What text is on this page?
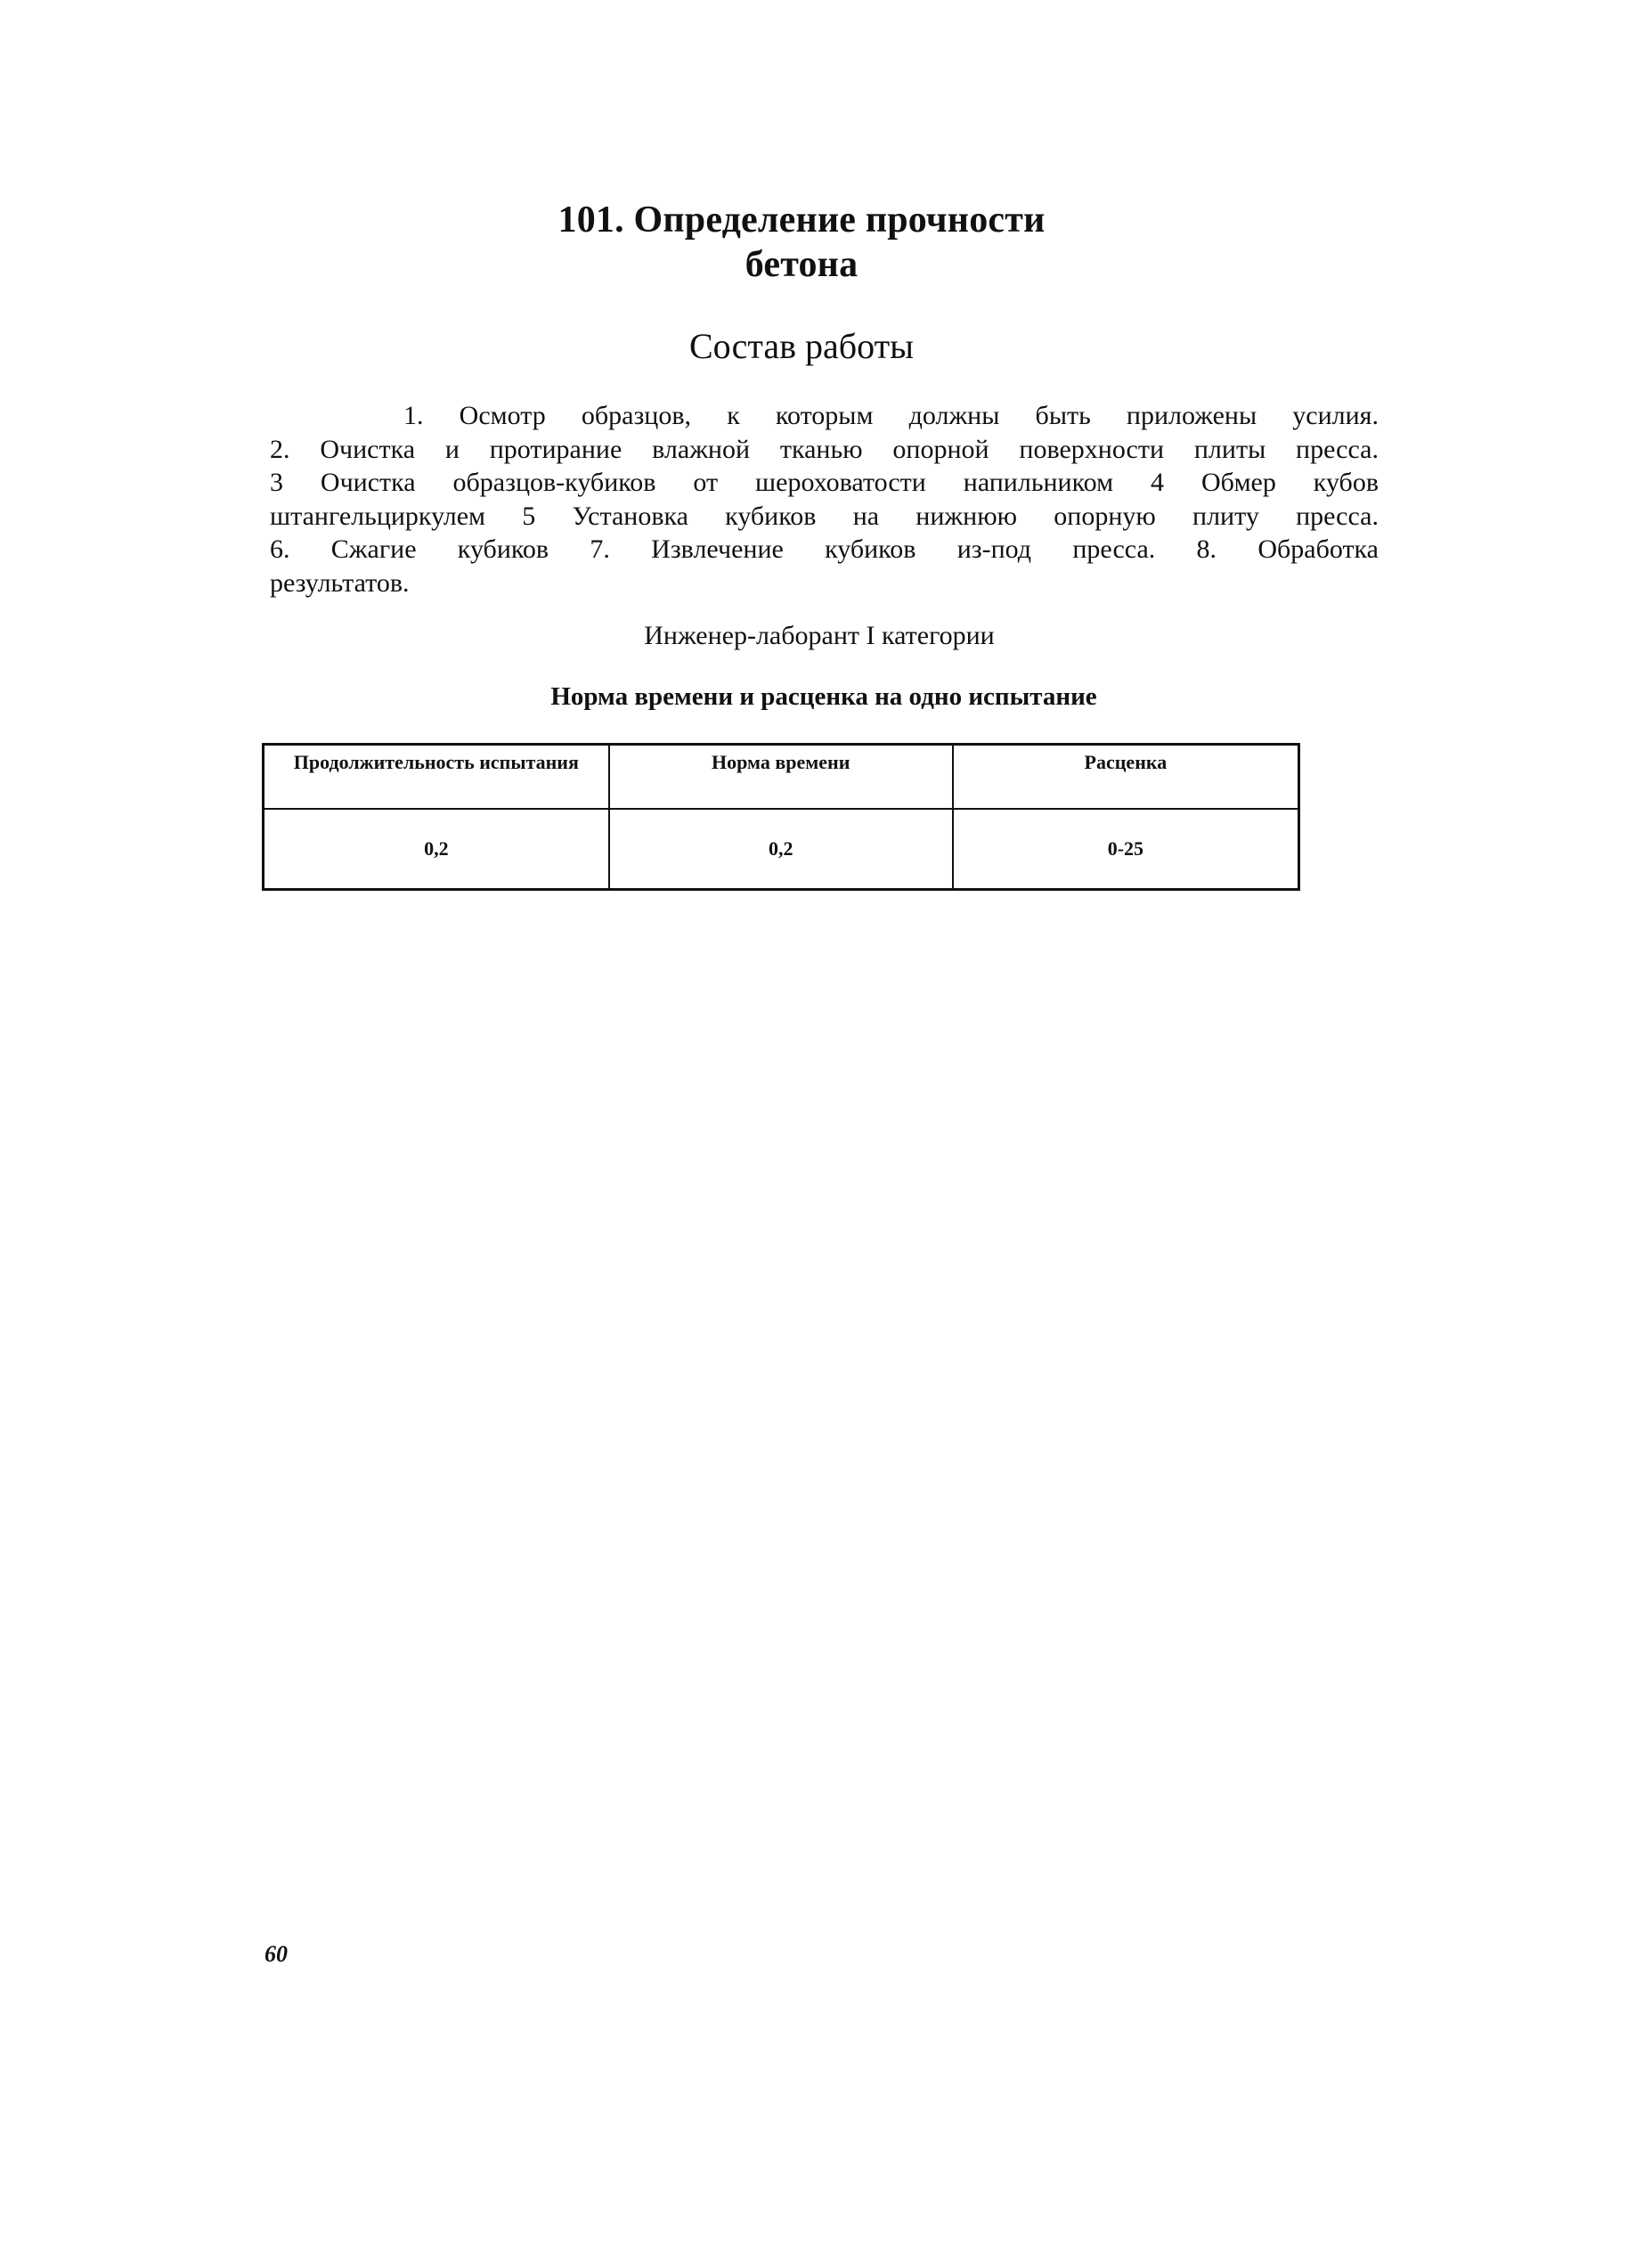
101. Определение прочности
бетона
Состав работы
1. Осмотр образцов, к которым должны быть приложены усилия.
2. Очистка и протирание влажной тканью опорной поверхности плиты пресса.
3 Очистка образцов-кубиков от шероховатости напильником 4 Обмер кубов
штангельциркулем 5 Установка кубиков на нижнюю опорную плиту пресса.
6. Сжагие кубиков 7. Извлечение кубиков из-под пресса. 8. Обработка
результатов.
Инженер-лаборант I категории
Норма времени и расценка на одно испытание
Продолжительность испытания	Норма времени	Расценка
0,2	0,2	0-25
60
